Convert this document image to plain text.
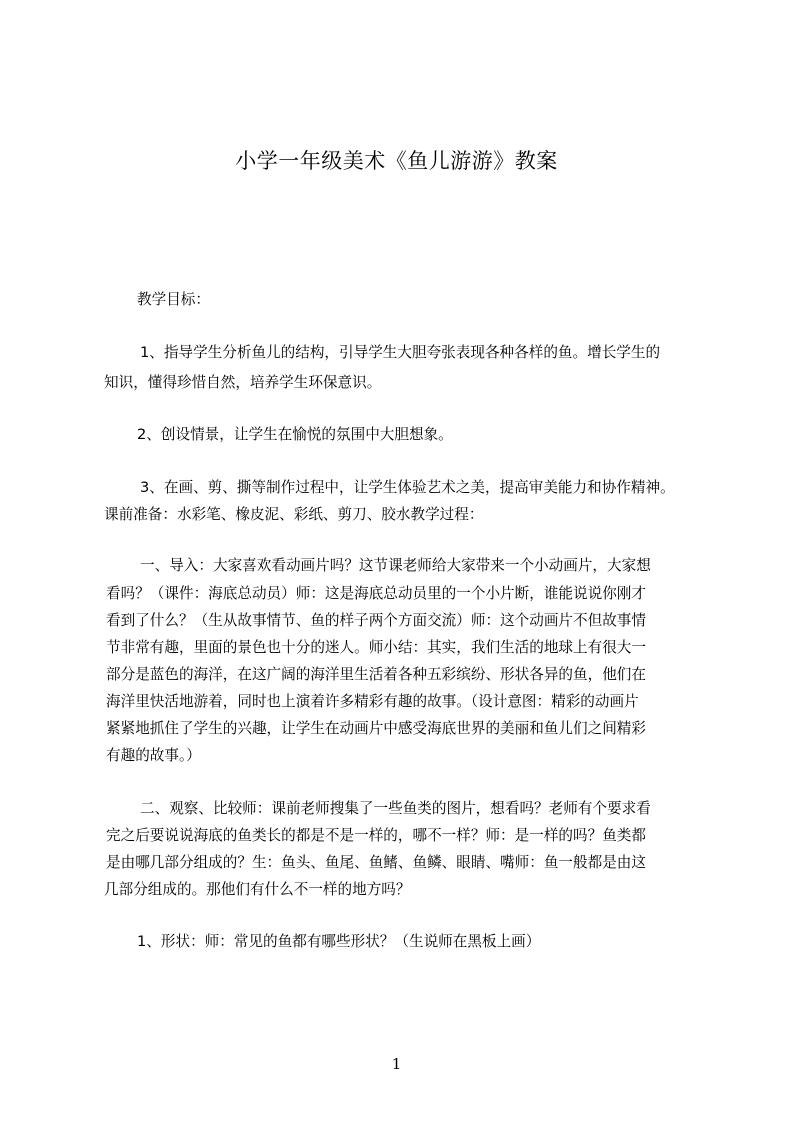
小学一年级美术《鱼儿游游》教案
教学目标：
1、指导学生分析鱼儿的结构，引导学生大胆夸张表现各种各样的鱼。增长学生的
知识，懂得珍惜自然，培养学生环保意识。
2、创设情景，让学生在愉悦的氛围中大胆想象。
3、在画、剪、撕等制作过程中，让学生体验艺术之美，提高审美能力和协作精神。
课前准备：水彩笔、橡皮泥、彩纸、剪刀、胶水教学过程：
一、导入：大家喜欢看动画片吗？这节课老师给大家带来一个小动画片，大家想
看吗？（课件：海底总动员）师：这是海底总动员里的一个小片断，谁能说说你刚才
看到了什么？（生从故事情节、鱼的样子两个方面交流）师：这个动画片不但故事情
节非常有趣，里面的景色也十分的迷人。师小结：其实，我们生活的地球上有很大一
部分是蓝色的海洋，在这广阔的海洋里生活着各种五彩缤纷、形状各异的鱼，他们在
海洋里快活地游着，同时也上演着许多精彩有趣的故事。（设计意图：精彩的动画片
紧紧地抓住了学生的兴趣，让学生在动画片中感受海底世界的美丽和鱼儿们之间精彩
有趣的故事。）
二、观察、比较师：课前老师搜集了一些鱼类的图片，想看吗？老师有个要求看
完之后要说说海底的鱼类长的都是不是一样的，哪不一样？师：是一样的吗？鱼类都
是由哪几部分组成的？生：鱼头、鱼尾、鱼鳍、鱼鳞、眼睛、嘴师：鱼一般都是由这
几部分组成的。那他们有什么不一样的地方吗？
1、形状：师：常见的鱼都有哪些形状？（生说师在黑板上画）
1
